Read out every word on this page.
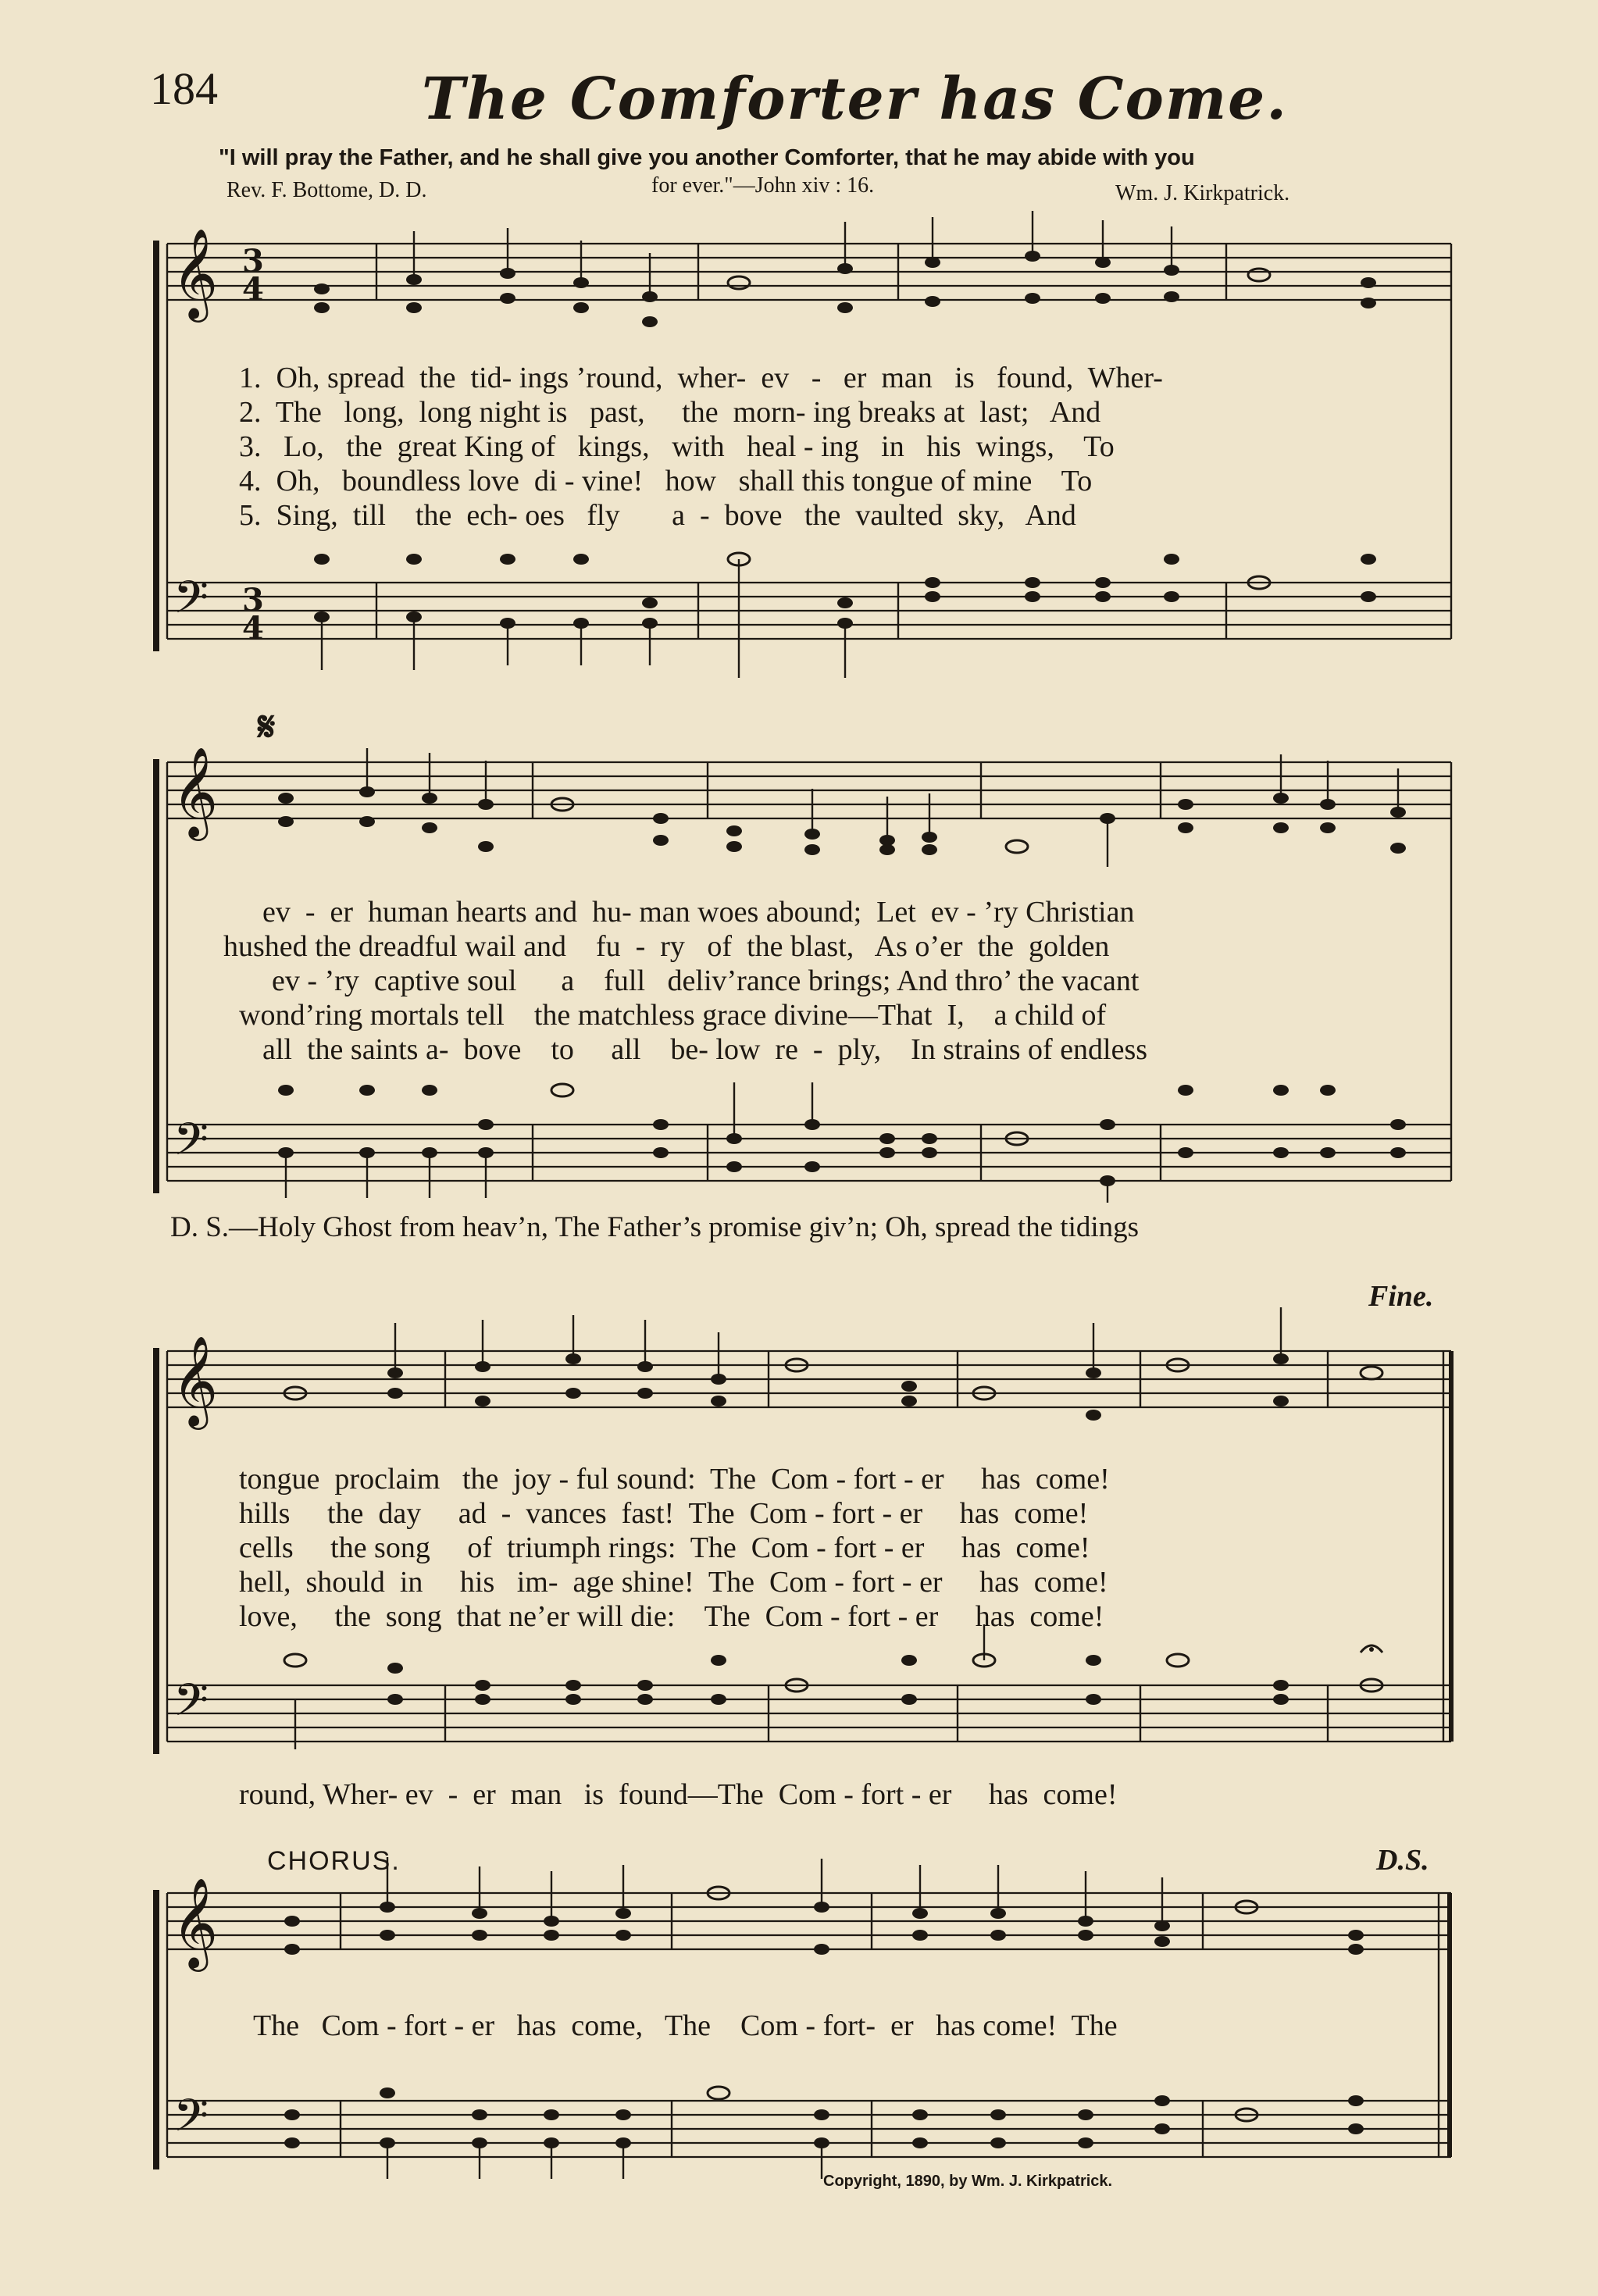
184	The Comforter has Come.
"I will pray the Father, and he shall give you another Comforter, that he may abide with you
Rev. F. Bottome, D. D.	for ever."—John xiv : 16.	Wm. J. Kirkpatrick.
𝄞
𝄢
𝄞
𝄢
𝄞
𝄢
𝄞
𝄢
3
4
3
4
1.  Oh, spread  the  tid- ings ’round,  wher-  ev   -   er  man   is   found,  Wher-
2.  The   long,  long night is   past,     the  morn- ing breaks at  last;   And
3.   Lo,   the  great King of   kings,   with   heal - ing   in   his  wings,    To
4.  Oh,   boundless love  di - vine!   how   shall this tongue of mine    To
5.  Sing,  till    the  ech- oes   fly       a  -  bove   the  vaulted  sky,   And
𝄋
ev  -  er  human hearts and  hu- man woes abound;  Let  ev - ’ry Christian
hushed the dreadful wail and    fu  -  ry   of  the blast,   As o’er  the  golden
ev - ’ry  captive soul      a    full   deliv’rance brings; And thro’ the vacant
wond’ring mortals tell    the matchless grace divine—That  I,    a child of
all  the saints a-  bove    to     all    be- low  re  -  ply,    In strains of endless
D. S.—Holy Ghost from heav’n, The Father’s promise giv’n; Oh, spread the tidings
Fine.
tongue  proclaim   the  joy - ful sound:  The  Com - fort - er     has  come!
hills     the  day     ad  -  vances  fast!  The  Com - fort - er     has  come!
cells     the song     of  triumph rings:  The  Com - fort - er     has  come!
hell,  should  in     his   im-  age shine!  The  Com - fort - er     has  come!
love,     the  song  that ne’er will die:    The  Com - fort - er     has  come!
round, Wher- ev  -  er  man   is  found—The  Com - fort - er     has  come!
CHORUS.	D.S.
The   Com - fort - er   has  come,   The    Com - fort-  er   has come!  The
Copyright, 1890, by Wm. J. Kirkpatrick.
